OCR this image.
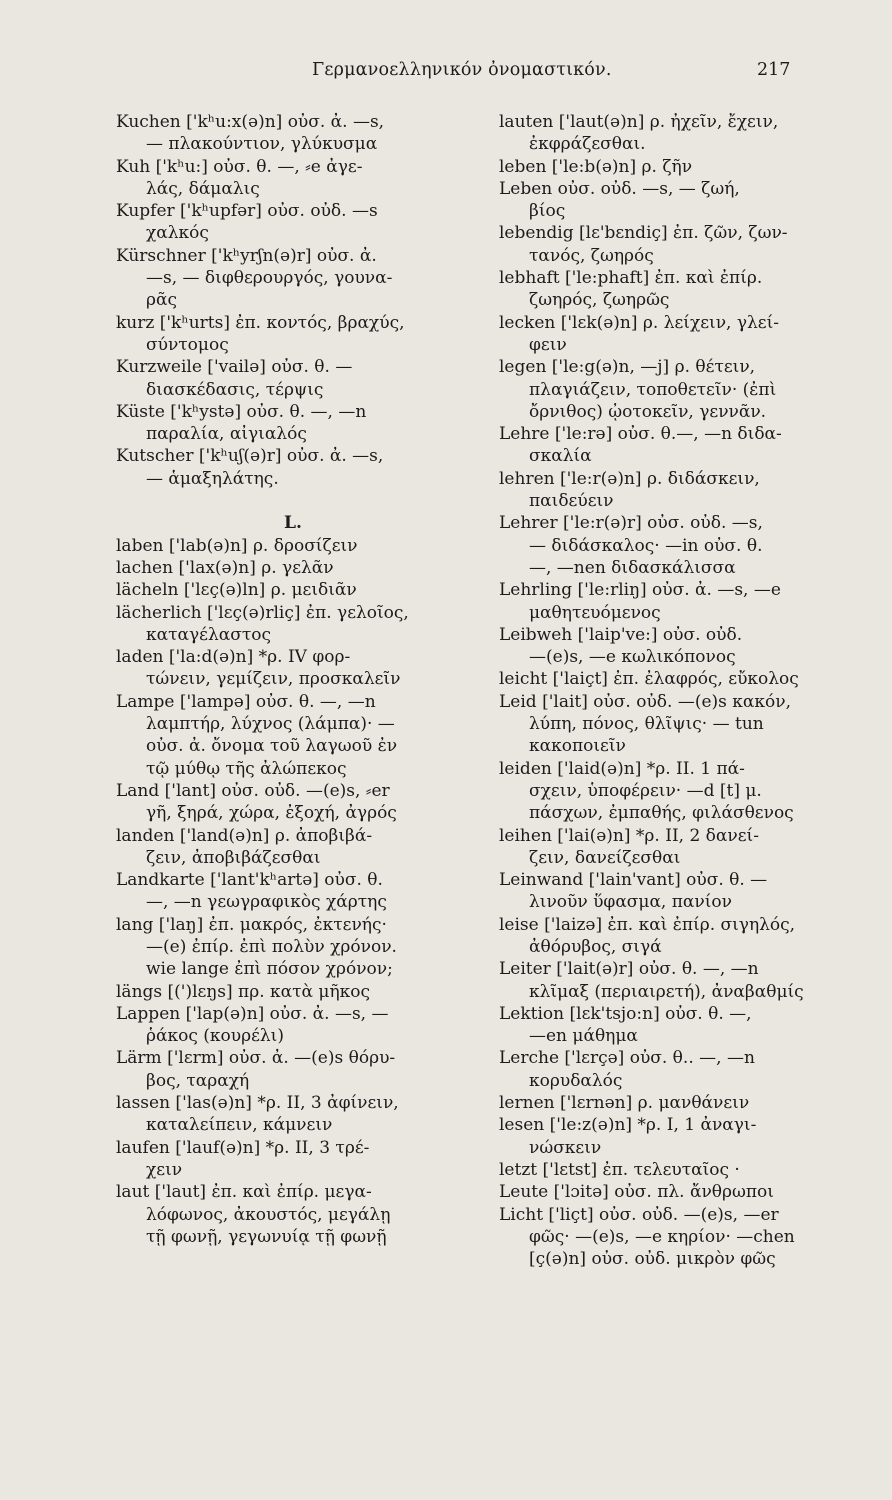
Γερμανοελληνικόν ὀνομαστικόν.	217
Kuchen ['kʰu:x(ə)n] οὐσ. ἀ. —s,
— πλακούντιον, γλύκυσμα
Kuh ['kʰu:] οὐσ. θ. —, ⸗e ἀγε-
λάς, δάμαλις
Kupfer ['kʰupfər] οὐσ. οὐδ. —s
χαλκός
Kürschner ['kʰyrʃn(ə)r] οὐσ. ἀ.
—s, — διφθερουργός, γουνα-
ρᾶς
kurz ['kʰurts] ἐπ. κοντός, βραχύς,
σύντομος
Kurzweile ['vailə] οὐσ. θ. —
διασκέδασις, τέρψις
Küste ['kʰystə] οὐσ. θ. —, —n
παραλία, αἰγιαλός
Kutscher ['kʰuʃ(ə)r] οὐσ. ἀ. —s,
— ἁμαξηλάτης.
L.
laben ['lab(ə)n] ρ. δροσίζειν
lachen ['lax(ə)n] ρ. γελᾶν
lächeln ['lɛç(ə)ln] ρ. μειδιᾶν
lächerlich ['lɛç(ə)rliç] ἐπ. γελοῖος,
καταγέλαστος
laden ['la:d(ə)n] *ρ. IV φορ-
τώνειν, γεμίζειν, προσκαλεῖν
Lampe ['lampə] οὐσ. θ. —, —n
λαμπτήρ, λύχνος (λάμπα)· —
οὐσ. ἀ. ὄνομα τοῦ λαγωοῦ ἐν
τῷ μύθῳ τῆς ἀλώπεκος
Land ['lant] οὐσ. οὐδ. —(e)s, ⸗er
γῆ, ξηρά, χώρα, ἐξοχή, ἀγρός
landen ['land(ə)n] ρ. ἀποβιβά-
ζειν, ἀποβιβάζεσθαι
Landkarte ['lant'kʰartə] οὐσ. θ.
—, —n γεωγραφικὸς χάρτης
lang ['laŋ] ἐπ. μακρός, ἐκτενής·
—(e) ἐπίρ. ἐπὶ πολὺν χρόνον.
wie lange ἐπὶ πόσον χρόνον;
längs [(')lɛŋs] πρ. κατὰ μῆκος
Lappen ['lap(ə)n] οὐσ. ἀ. —s, —
ῥάκος (κουρέλι)
Lärm ['lɛrm] οὐσ. ἀ. —(e)s θόρυ-
βος, ταραχή
lassen ['las(ə)n] *ρ. II, 3 ἀφίνειν,
καταλείπειν, κάμνειν
laufen ['lauf(ə)n] *ρ. II, 3 τρέ-
χειν
laut ['laut] ἐπ. καὶ ἐπίρ. μεγα-
λόφωνος, ἀκουστός, μεγάλῃ
τῇ φωνῇ, γεγωνυίᾳ τῇ φωνῇ
lauten ['laut(ə)n] ρ. ἠχεῖν, ἔχειν,
ἐκφράζεσθαι.
leben ['le:b(ə)n] ρ. ζῆν
Leben οὐσ. οὐδ. —s, — ζωή,
βίος
lebendig [lɛ'bɛndiç] ἐπ. ζῶν, ζων-
τανός, ζωηρός
lebhaft ['le:phaft] ἐπ. καὶ ἐπίρ.
ζωηρός, ζωηρῶς
lecken ['lɛk(ə)n] ρ. λείχειν, γλεί-
φειν
legen ['le:g(ə)n, —j] ρ. θέτειν,
πλαγιάζειν, τοποθετεῖν· (ἐπὶ
ὄρνιθος) ᾠοτοκεῖν, γεννᾶν.
Lehre ['le:rə] οὐσ. θ.—, —n διδα-
σκαλία
lehren ['le:r(ə)n] ρ. διδάσκειν,
παιδεύειν
Lehrer ['le:r(ə)r] οὐσ. οὐδ. —s,
— διδάσκαλος· —in οὐσ. θ.
—, —nen διδασκάλισσα
Lehrling ['le:rliŋ] οὐσ. ἀ. —s, —e
μαθητευόμενος
Leibweh ['laip've:] οὐσ. οὐδ.
—(e)s, —e κωλικόπονος
leicht ['laiçt] ἐπ. ἐλαφρός, εὔκολος
Leid ['lait] οὐσ. οὐδ. —(e)s κακόν,
λύπη, πόνος, θλῖψις· — tun
κακοποιεῖν
leiden ['laid(ə)n] *ρ. II. 1 πά-
σχειν, ὑποφέρειν· —d [t] μ.
πάσχων, ἐμπαθής, φιλάσθενος
leihen ['lai(ə)n] *ρ. II, 2 δανεί-
ζειν, δανείζεσθαι
Leinwand ['lain'vant] οὐσ. θ. —
λινοῦν ὕφασμα, πανίον
leise ['laizə] ἐπ. καὶ ἐπίρ. σιγηλός,
ἀθόρυβος, σιγά
Leiter ['lait(ə)r] οὐσ. θ. —, —n
κλῖμαξ (περιαιρετή), ἀναβαθμίς
Lektion [lɛk'tsjo:n] οὐσ. θ. —,
—en μάθημα
Lerche ['lɛrçə] οὐσ. θ.. —, —n
κορυδαλός
lernen ['lɛrnən] ρ. μανθάνειν
lesen ['le:z(ə)n] *ρ. I, 1 ἀναγι-
νώσκειν
letzt ['lɛtst] ἐπ. τελευταῖος ·
Leute ['lɔitə] οὐσ. πλ. ἄνθρωποι
Licht ['liçt] οὐσ. οὐδ. —(e)s, —er
φῶς· —(e)s, —e κηρίον· —chen
[ç(ə)n] οὐσ. οὐδ. μικρὸν φῶς
